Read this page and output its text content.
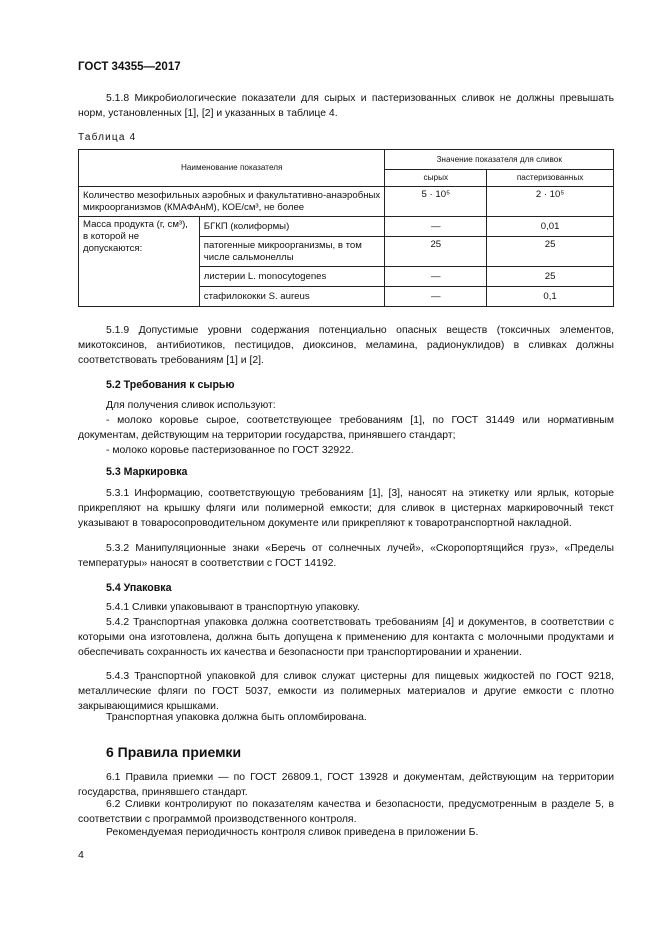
ГОСТ 34355—2017

5.1.8 Микробиологические показатели для сырых и пастеризованных сливок не должны превышать норм, установленных [1], [2] и указанных в таблице 4.

Таблица 4
Наименование показателя		Значение показателя для сливок	
		сырых	пастеризованных
Количество мезофильных аэробных и факультативно-анаэробных микроорганизмов (КМАФАнМ), КОЕ/см³, не более		5 · 10⁵	2 · 10⁵
Масса продукта (г, см³), в которой не допускаются:	БГКП (колиформы)	—	0,01
	патогенные микроорганизмы, в том числе сальмонеллы	25	25
	листерии L. monocytogenes	—	25
	стафилококки S. aureus	—	0,1

5.1.9 Допустимые уровни содержания потенциально опасных веществ (токсичных элементов, микотоксинов, антибиотиков, пестицидов, диоксинов, меламина, радионуклидов) в сливках должны соответствовать требованиям [1] и [2].

5.2 Требования к сырью

Для получения сливок используют:

- молоко коровье сырое, соответствующее требованиям [1], по ГОСТ 31449 или нормативным документам, действующим на территории государства, принявшего стандарт;

- молоко коровье пастеризованное по ГОСТ 32922.

5.3 Маркировка

5.3.1 Информацию, соответствующую требованиям [1], [3], наносят на этикетку или ярлык, которые прикрепляют на крышку фляги или полимерной емкости; для сливок в цистернах маркировочный текст указывают в товаросопроводительном документе или прикрепляют к товаротранспортной накладной.

5.3.2 Манипуляционные знаки «Беречь от солнечных лучей», «Скоропортящийся груз», «Пределы температуры» наносят в соответствии с ГОСТ 14192.

5.4 Упаковка

5.4.1 Сливки упаковывают в транспортную упаковку.

5.4.2 Транспортная упаковка должна соответствовать требованиям [4] и документов, в соответствии с которыми она изготовлена, должна быть допущена к применению для контакта с молочными продуктами и обеспечивать сохранность их качества и безопасности при транспортировании и хранении.

5.4.3 Транспортной упаковкой для сливок служат цистерны для пищевых жидкостей по ГОСТ 9218, металлические фляги по ГОСТ 5037, емкости из полимерных материалов и другие емкости с плотно закрывающимися крышками.

Транспортная упаковка должна быть опломбирована.

6 Правила приемки

6.1 Правила приемки — по ГОСТ 26809.1, ГОСТ 13928 и документам, действующим на территории государства, принявшего стандарт.

6.2 Сливки контролируют по показателям качества и безопасности, предусмотренным в разделе 5, в соответствии с программой производственного контроля.

Рекомендуемая периодичность контроля сливок приведена в приложении Б.

4
